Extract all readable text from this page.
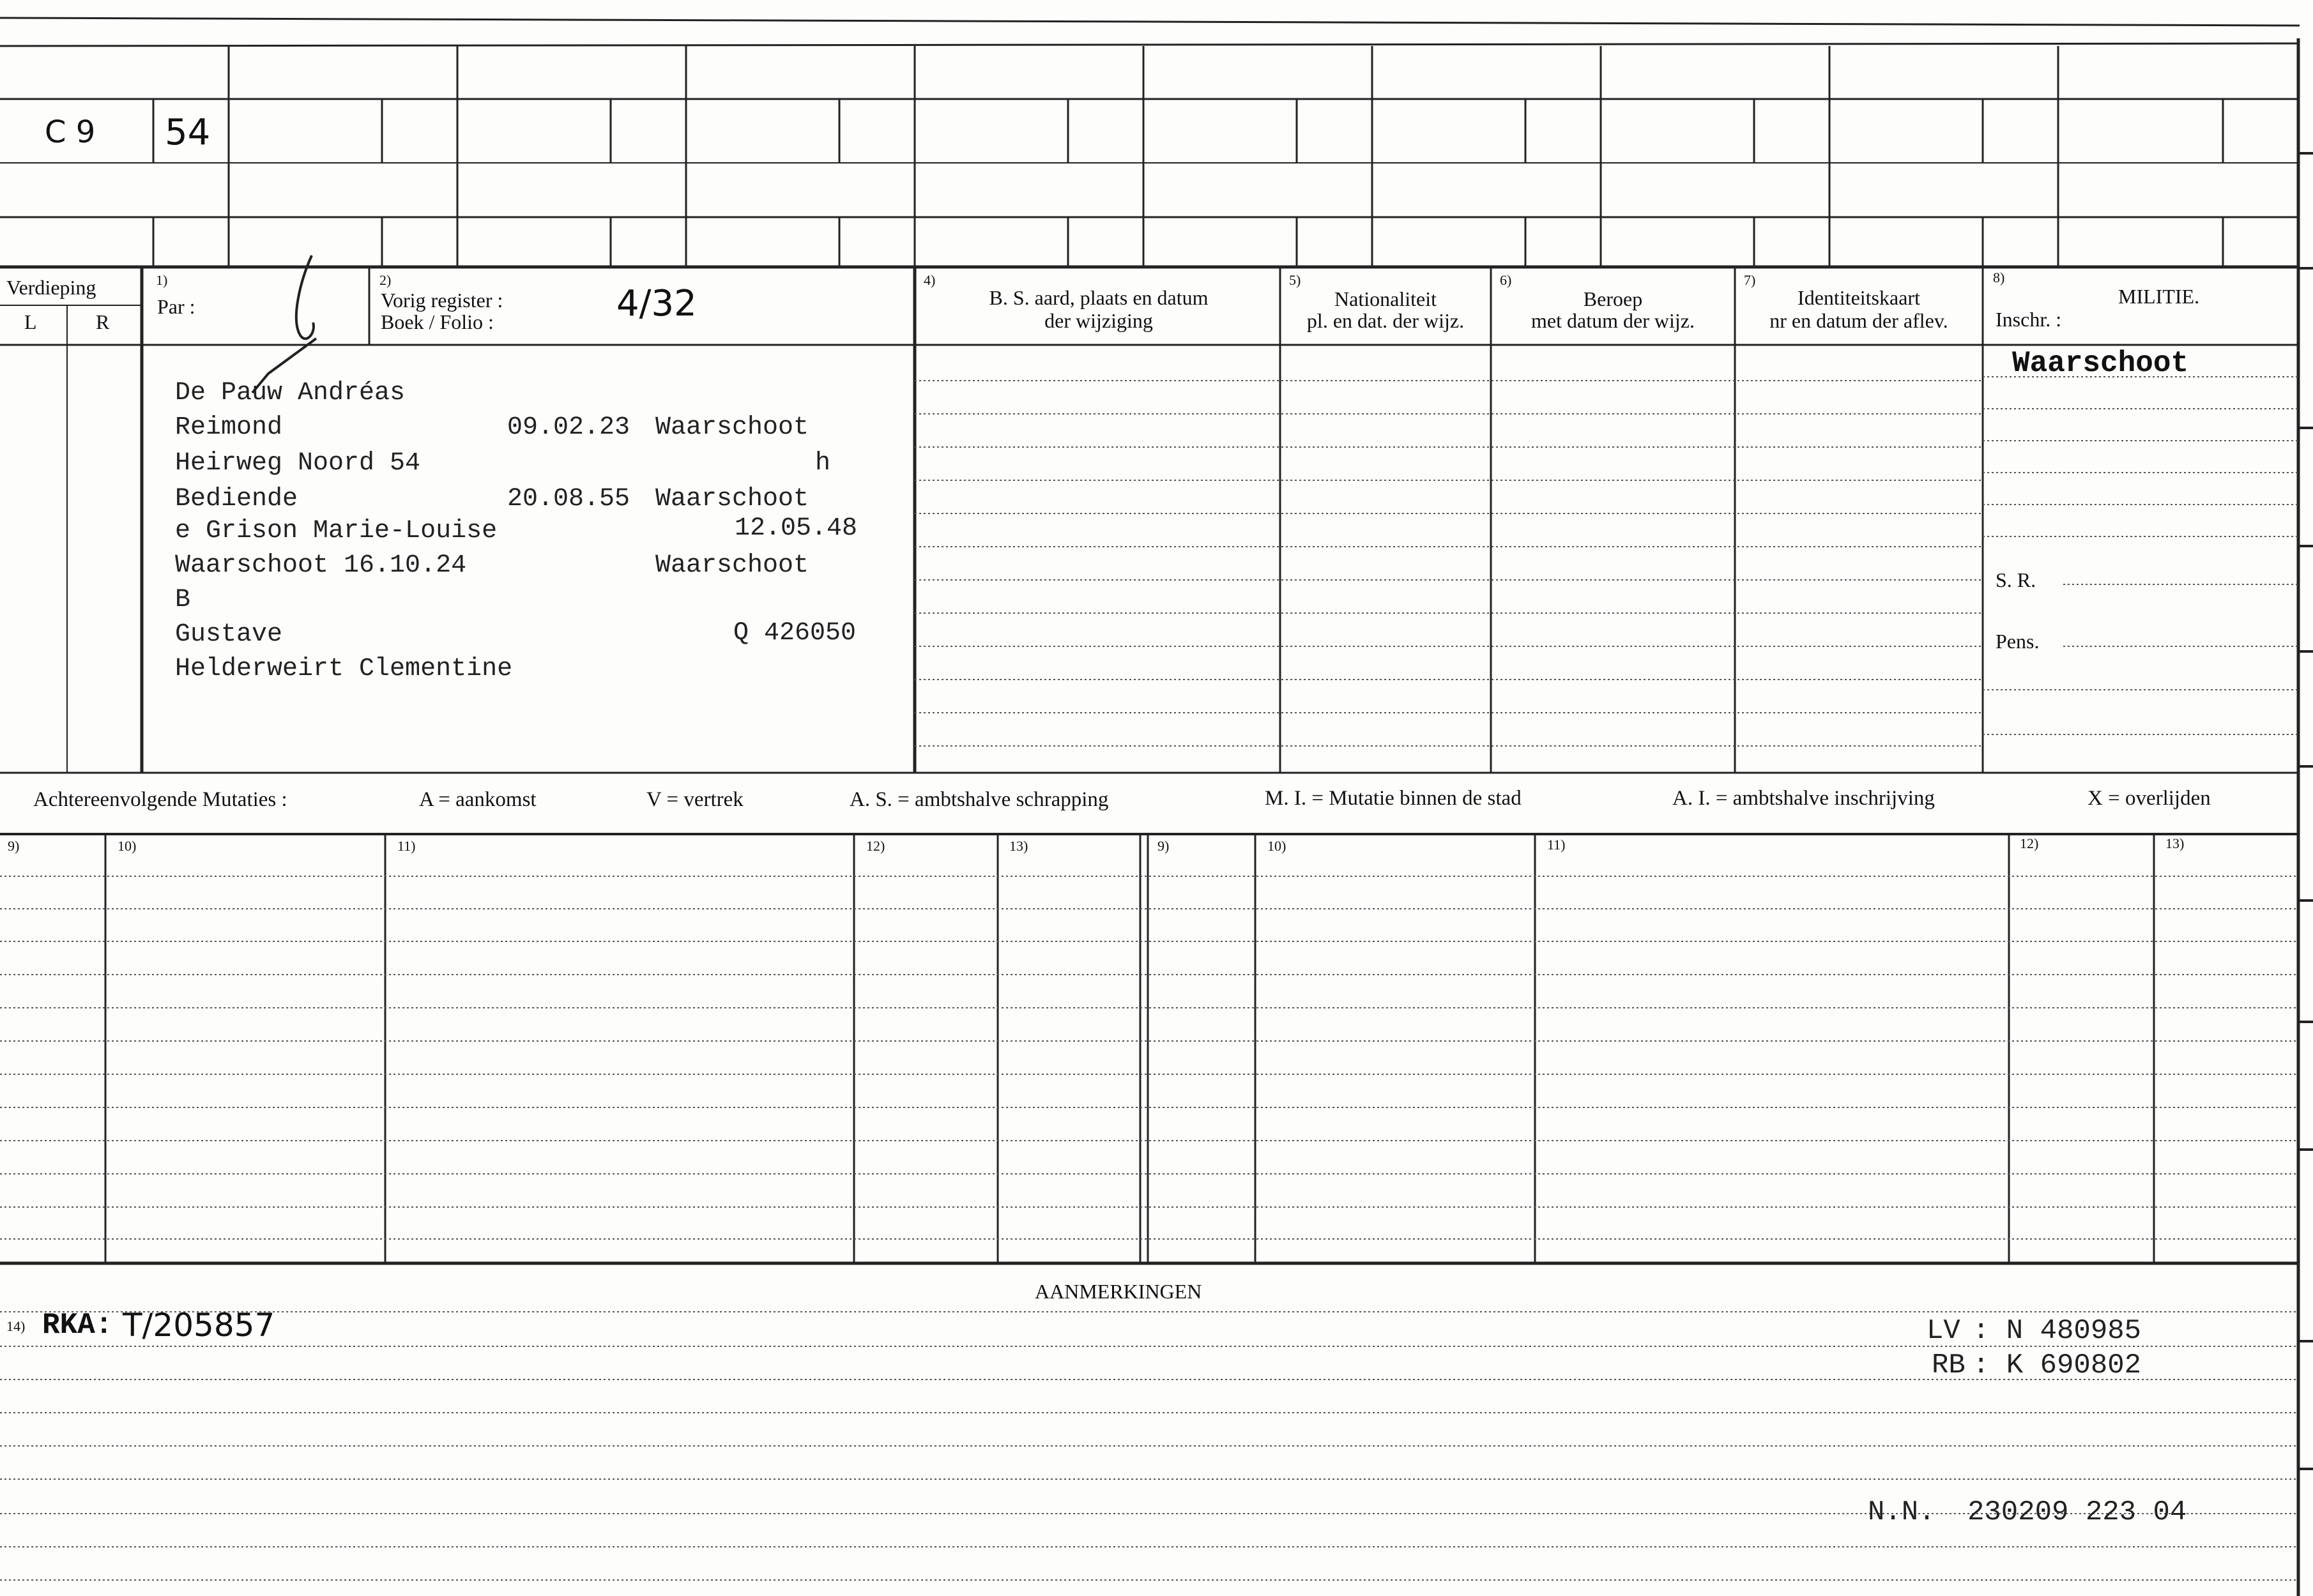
C 9 54
Verdieping
L	R
1)
Par :
2)
Vorig register :
Boek / Folio :	4/32
4)
B. S. aard, plaats en datum
der wijziging
5)
Nationaliteit
pl. en dat. der wijz.
6)
Beroep
met datum der wijz.
7)
Identiteitskaart
nr en datum der aflev.
8)
MILITIE.
Inschr. :
Waarschoot
S. R.
Pens.
De Pauw Andréas
Reimond	09.02.23 Waarschoot
Heirweg Noord 54	h
Bediende	20.08.55 Waarschoot
e Grison Marie-Louise	12.05.48
Waarschoot 16.10.24	Waarschoot
B
Gustave	Q 426050
Helderweirt Clementine
Achtereenvolgende Mutaties :	A = aankomst	V = vertrek	A. S. = ambtshalve schrapping	M. I. = Mutatie binnen de stad	A. I. = ambtshalve inschrijving	X = overlijden
9)	10)	11)	12)	13)	9)	10)	11)	12)	13)
AANMERKINGEN
14) RKA: T/205857	LV : N 480985
RB : K 690802
N.N. 230209 223 04
